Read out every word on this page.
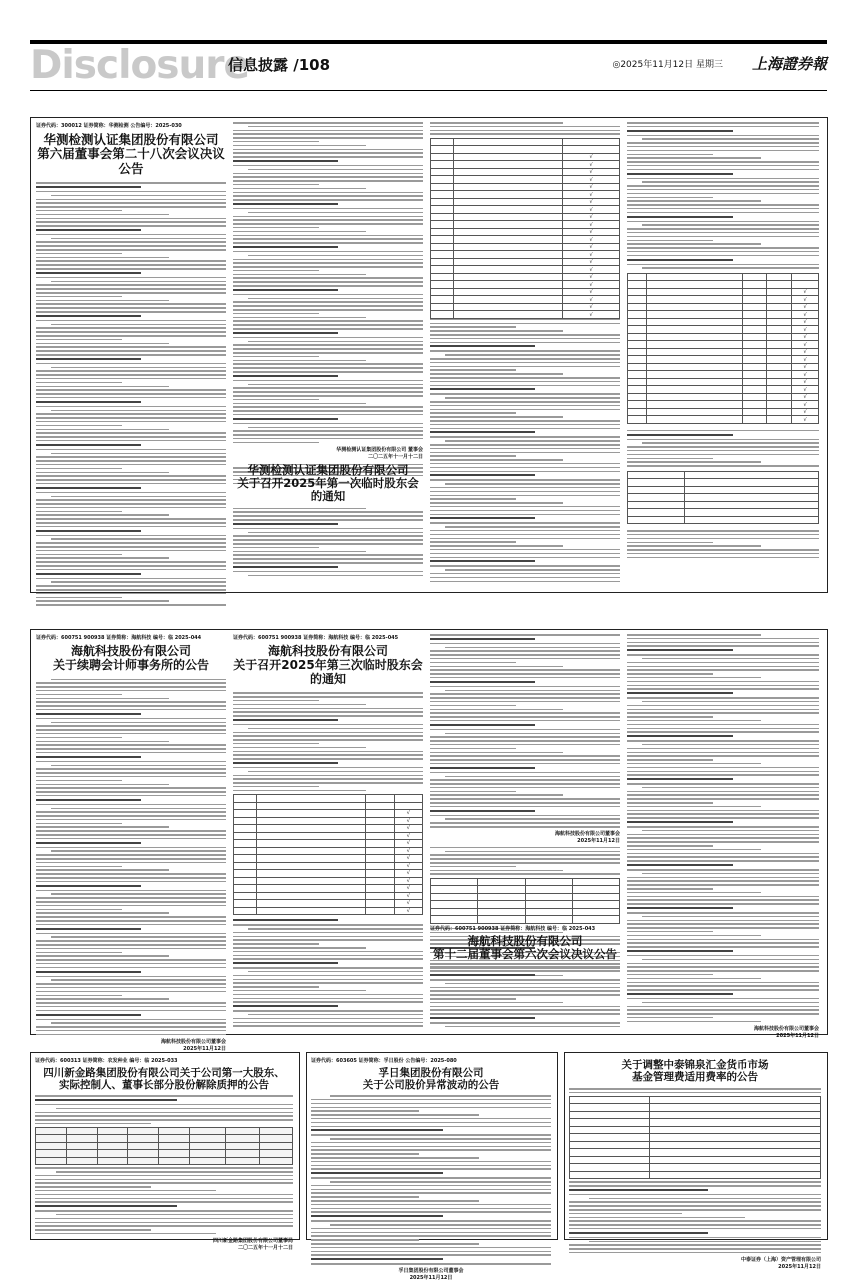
Disclosure
信息披露 /108	◎2025年11月12日 星期三 上海證券報
证券代码：300012 证券简称：华测检测 公告编号：2025-030
华测检测认证集团股份有限公司
第六届董事会第二十八次会议决议公告
华测检测认证集团股份有限公司 董事会
二〇二五年十一月十二日

		√
		√
		√
		√
		√
		√
		√
		√
		√
		√
		√
		√
		√
		√
		√
		√
		√
		√
		√
		√
		√
		√

				√
				√
				√
				√
				√
				√
				√
				√
				√
				√
				√
				√
				√
				√
				√
				√
				√
				√

华测检测认证集团股份有限公司
关于召开2025年第一次临时股东会的通知
证券代码：600751 900938 证券简称：海航科技 编号：临 2025-044
海航科技股份有限公司
关于续聘会计师事务所的公告
海航科技股份有限公司董事会
2025年11月12日
证券代码：600751 900938 证券简称：海航科技 编号：临 2025-045
海航科技股份有限公司
关于召开2025年第三次临时股东会的通知

			√
			√
			√
			√
			√
			√
			√
			√
			√
			√
			√
			√
			√
			√
海航科技股份有限公司董事会
2025年11月12日

证券代码：600751 900938 证券简称：海航科技 编号：临 2025-043
海航科技股份有限公司
第十二届董事会第六次会议决议公告
海航科技股份有限公司董事会
2025年11月12日
证券代码：600313 证券简称：农发种业 编号：临 2025-033
四川新金路集团股份有限公司关于公司第一大股东、
实际控制人、董事长部分股份解除质押的公告

四川新金路集团股份有限公司董事局
二〇二五年十一月十二日
证券代码：603605 证券简称：孚日股份 公告编号：2025-080
孚日集团股份有限公司
关于公司股价异常波动的公告
孚日集团股份有限公司董事会
2025年11月12日
关于调整中泰锦泉汇金货币市场
基金管理费适用费率的公告

中泰证券（上海）资产管理有限公司
2025年11月12日
